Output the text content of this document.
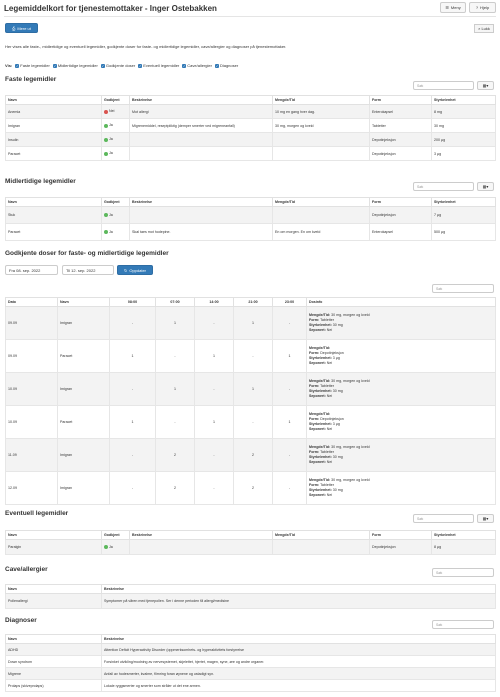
Legemiddelkort for tjenestemottaker - Inger Ostebakken	☰ Meny	? Hjelp
⎙ Mere ut	× Lukk
Her vises alle faste-, midlertidige og eventuell legemidler, godkjente doser for faste- og midlertidige legemidler, cave/allergier og diagnoser på tjenestemottaker.
Vis: ✓ Faste legemidler ✓ Midlertidige legemidler ✓ Godkjente doser ✓ Eventuell legemidler ✓ Cave/allergier ✓ Diagnoser
Faste legemidler
Søk	▦▾
Navn	Godkjent	Beskrivelse	Mengde/Tid	Form	Styrke/enhet
Anemia	Nei	Mot allergi	10 mg en gang hver dag.	Enterokapsel	8 mg
Imigran	Ja	Migrenemiddel, reseptpliktig (demper smerter ved migreneanfall)	30 mg, morgen og kveld	Tabletter	30 mg
Insulin	Ja			Depotinjeksjon	200 µg
Paracet	Ja			Depotinjeksjon	3 µg
Midlertidige legemidler
Søk	▦▾
Navn	Godkjent	Beskrivelse	Mengde/Tid	Form	Styrke/enhet
Stuk	Ja			Depotinjeksjon	7 µg
Paracet	Ja	Skal taes mot hodepine.	En om morgen. En om kveld	Enterokapsel	500 µg
Godkjente doser for faste- og midlertidige legemidler
Fra 08. sep. 2022	Til 12. sep. 2022	↻ Oppdater
Søk
Dato	Navn	08:00	07:00	14:00	21:00	23:00	Dosinfo
09.09	Imigran	-	1	-	1	-	Mengde/Tid: 30 mg, morgen og kveld
Form: Tabletter
Styrke/enhet: 30 mg
Seponert: Nei

09.09	Paracet	1	-	1	-	1	Mengde/Tid:
Form: Depotinjeksjon
Styrke/enhet: 3 µg
Seponert: Nei

10.09	Imigran	-	1	-	1	-	Mengde/Tid: 30 mg, morgen og kveld
Form: Tabletter
Styrke/enhet: 30 mg
Seponert: Nei

10.09	Paracet	1	-	1	-	1	Mengde/Tid:
Form: Depotinjeksjon
Styrke/enhet: 3 µg
Seponert: Nei

11.09	Imigran	-	2	-	2	-	Mengde/Tid: 30 mg, morgen og kveld
Form: Tabletter
Styrke/enhet: 30 mg
Seponert: Nei

12.09	Imigran	-	2	-	2	-	Mengde/Tid: 30 mg, morgen og kveld
Form: Tabletter
Styrke/enhet: 30 mg
Seponert: Nei
Eventuell legemidler
Søk	▦▾
Navn	Godkjent	Beskrivelse	Mengde/Tid	Form	Styrke/enhet
Paralgin	Ja			Depotinjeksjon	8 µg
Cave/allergier	Søk
Navn	Beskrivelse
Pollenallergi	Symptomer på våren med tjenepollen. Ser i denne perioden få allergi/medisine
Diagnoser
Søk
Navn	Beskrivelse
ADHD	Attention Deficit Hyperactivity Disorder (oppmerksomhets- og hyperaktivitets forstyrrelse
Down syndrom	Forsinket utvikling/modning av nervesystemet, skjelettet, hjertet, magen, syne, øre og andre organer.
Migrene	Anfall av hodesmerter, kvalme, flimring foran øynene og ustadigt syn.
Prolaps (skiveprolaps)	Lokale ryggsmerter og smerter som stråler ut det ene armen.
